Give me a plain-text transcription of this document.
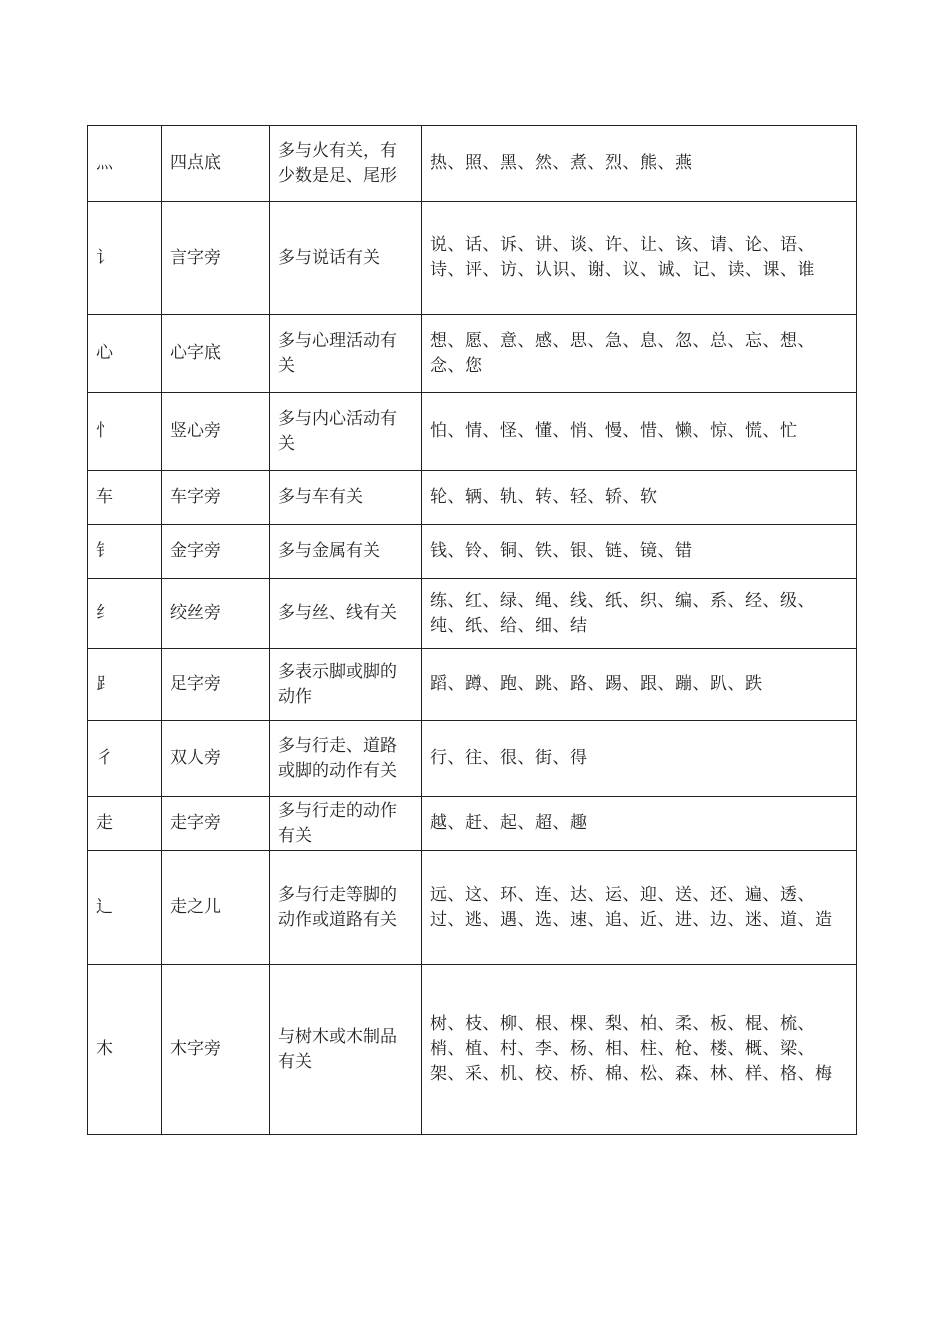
灬	四点底	多与火有关，有少数是足、尾形	热、照、黑、然、煮、烈、熊、燕
讠	言字旁	多与说话有关	说、话、诉、讲、谈、许、让、该、请、论、语、诗、评、访、认识、谢、议、诚、记、读、课、谁
心	心字底	多与心理活动有关	想、愿、意、感、思、急、息、忽、总、忘、想、念、您
忄	竖心旁	多与内心活动有关	怕、情、怪、懂、悄、慢、惜、懒、惊、慌、忙
车	车字旁	多与车有关	轮、辆、轨、转、轻、轿、软
钅	金字旁	多与金属有关	钱、铃、铜、铁、银、链、镜、错
纟	绞丝旁	多与丝、线有关	练、红、绿、绳、线、纸、织、编、系、经、级、纯、纸、给、细、结
⻊	足字旁	多表示脚或脚的动作	蹈、蹲、跑、跳、路、踢、跟、蹦、趴、跌
彳	双人旁	多与行走、道路或脚的动作有关	行、往、很、街、得
走	走字旁	多与行走的动作有关	越、赶、起、超、趣
辶	走之儿	多与行走等脚的动作或道路有关	远、这、环、连、达、运、迎、送、还、遍、透、过、逃、遇、选、速、追、近、进、边、迷、道、造
木	木字旁	与树木或木制品有关	树、枝、柳、根、棵、梨、柏、柔、板、棍、梳、梢、植、村、李、杨、相、柱、枪、楼、概、梁、架、采、机、校、桥、棉、松、森、林、样、格、梅
